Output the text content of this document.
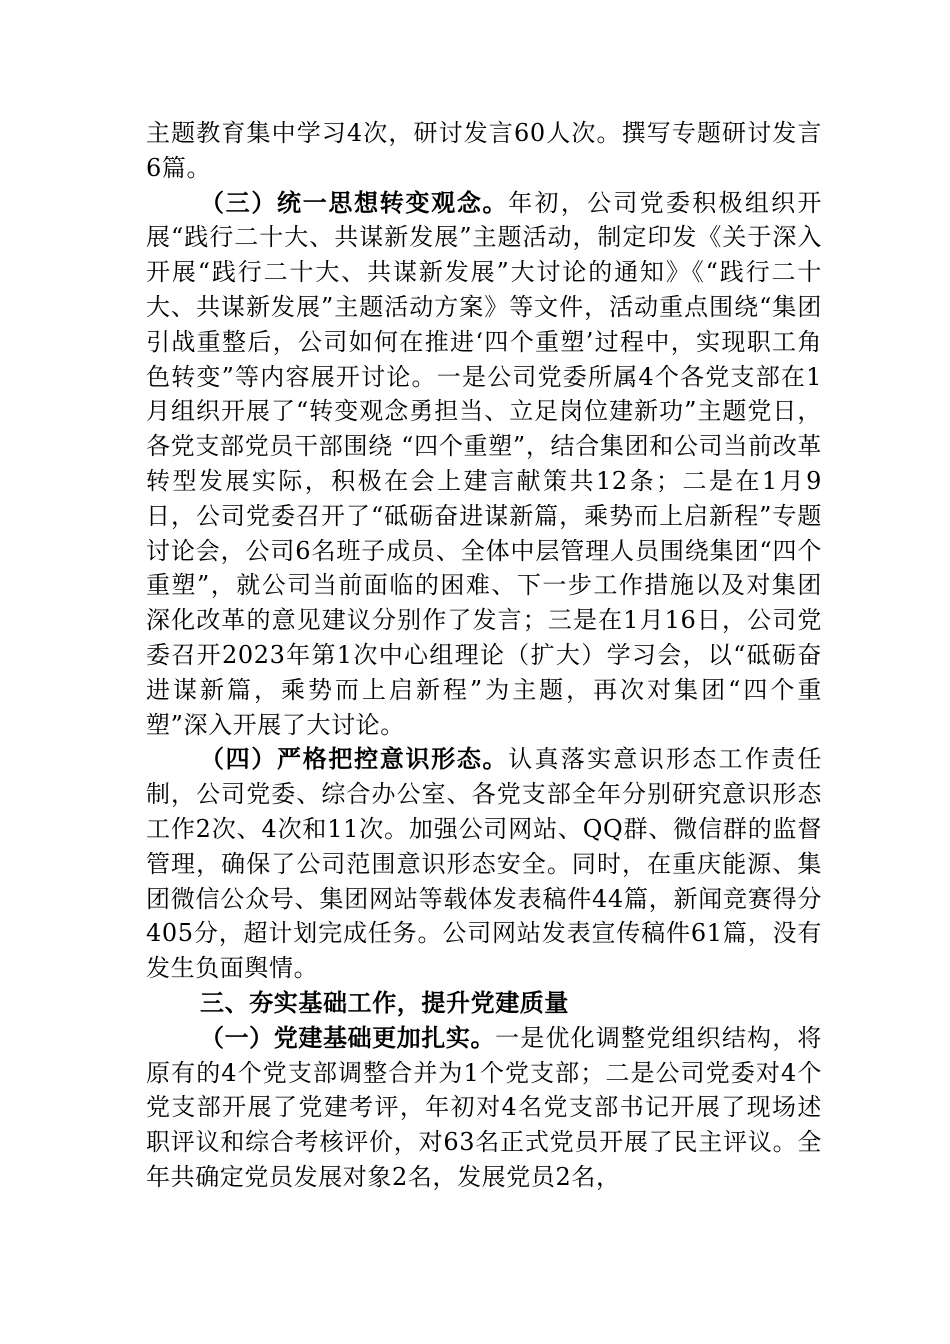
主题教育集中学习4次，研讨发言60人次。撰写专题研讨发言6篇。

（三）统一思想转变观念。年初，公司党委积极组织开展“践行二十大、共谋新发展”主题活动，制定印发《关于深入开展“践行二十大、共谋新发展”大讨论的通知》《“践行二十大、共谋新发展”主题活动方案》等文件，活动重点围绕“集团引战重整后，公司如何在推进‘四个重塑’过程中，实现职工角色转变”等内容展开讨论。一是公司党委所属4个各党支部在1月组织开展了“转变观念勇担当、立足岗位建新功”主题党日，各党支部党员干部围绕 “四个重塑”，结合集团和公司当前改革转型发展实际，积极在会上建言献策共12条；二是在1月9日，公司党委召开了“砥砺奋进谋新篇，乘势而上启新程”专题讨论会，公司6名班子成员、全体中层管理人员围绕集团“四个重塑”，就公司当前面临的困难、下一步工作措施以及对集团深化改革的意见建议分别作了发言；三是在1月16日，公司党委召开2023年第1次中心组理论（扩大）学习会，以“砥砺奋进谋新篇，乘势而上启新程”为主题，再次对集团“四个重塑”深入开展了大讨论。

（四）严格把控意识形态。认真落实意识形态工作责任制，公司党委、综合办公室、各党支部全年分别研究意识形态工作2次、4次和11次。加强公司网站、QQ群、微信群的监督管理，确保了公司范围意识形态安全。同时，在重庆能源、集团微信公众号、集团网站等载体发表稿件44篇，新闻竞赛得分405分，超计划完成任务。公司网站发表宣传稿件61篇，没有发生负面舆情。

三、夯实基础工作，提升党建质量

（一）党建基础更加扎实。一是优化调整党组织结构，将原有的4个党支部调整合并为1个党支部；二是公司党委对4个党支部开展了党建考评，年初对4名党支部书记开展了现场述职评议和综合考核评价，对63名正式党员开展了民主评议。全年共确定党员发展对象2名，发展党员2名，
